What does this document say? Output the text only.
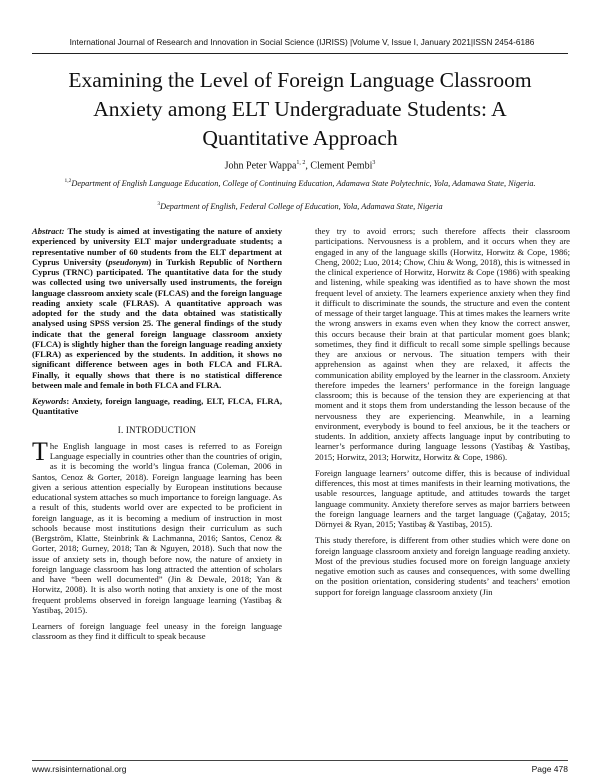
International Journal of Research and Innovation in Social Science (IJRISS) |Volume V, Issue I, January 2021|ISSN 2454-6186
Examining the Level of Foreign Language Classroom Anxiety among ELT Undergraduate Students: A Quantitative Approach
John Peter Wappa$^{1, 2}$, Clement Pembi$^3$
$^{1,2}$Department of English Language Education, College of Continuing Education, Adamawa State Polytechnic, Yola, Adamawa State, Nigeria.
$^3$Department of English, Federal College of Education, Yola, Adamawa State, Nigeria

Abstract: The study is aimed at investigating the nature of anxiety experienced by university ELT major undergraduate students; a representative number of 60 students from the ELT department at Cyprus University (pseudonym) in Turkish Republic of Northern Cyprus (TRNC) participated. The quantitative data for the study was collected using two universally used instruments, the foreign language classroom anxiety scale (FLCAS) and the foreign language reading anxiety scale (FLRAS). A quantitative approach was adopted for the study and the data obtained was statistically analysed using SPSS version 25. The general findings of the study indicate that the general foreign language classroom anxiety (FLCA) is slightly higher than the foreign language reading anxiety (FLRA) as experienced by the students. In addition, it shows no significant difference between ages in both FLCA and FLRA. Finally, it equally shows that there is no statistical difference between male and female in both FLCA and FLRA.

Keywords: Anxiety, foreign language, reading, ELT, FLCA, FLRA, Quantitative

I. INTRODUCTION

The English language in most cases is referred to as Foreign Language especially in countries other than the countries of origin, as it is becoming the world’s lingua franca (Coleman, 2006 in Santos, Cenoz & Gorter, 2018). Foreign language learning has been given a serious attention especially by European institutions because educational system attaches so much importance to foreign language. As a result of this, students world over are expected to be proficient in foreign language, as it is becoming a medium of instruction in most schools because most institutions design their curriculum as such (Bergström, Klatte, Steinbrink & Lachmanna, 2016; Santos, Cenoz & Gorter, 2018; Gurney, 2018; Tan & Nguyen, 2018). Such that now the issue of anxiety sets in, though before now, the nature of anxiety in foreign language classroom has long attracted the attention of scholars and have “been well documented” (Jin & Dewale, 2018; Yan & Horwitz, 2008). It is also worth noting that anxiety is one of the most frequent problems observed in foreign language learning (Yastibaş & Yastibaş, 2015).

Learners of foreign language feel uneasy in the foreign language classroom as they find it difficult to speak because

they try to avoid errors; such therefore affects their classroom participations. Nervousness is a problem, and it occurs when they are engaged in any of the language skills (Horwitz, Horwitz & Cope, 1986; Cheng, 2002; Luo, 2014; Chow, Chiu & Wong, 2018), this is witnessed in the clinical experience of Horwitz, Horwitz & Cope (1986) with speaking and listening, while speaking was identified as to have shown the most frequent level of anxiety. The learners experience anxiety when they find it difficult to discriminate the sounds, the structure and even the content of message of their target language. This at times makes the learners write the wrong answers in exams even when they know the correct answer, this occurs because their brain at that particular moment goes blank; sometimes, they find it difficult to recall some simple spellings because they are anxious or nervous. The situation tempers with their apprehension as against when they are relaxed, it affects the communication ability employed by the learner in the classroom. Anxiety therefore impedes the learners’ performance in the foreign language classroom; this is because of the tension they are experiencing at that moment and it stops them from understanding the lesson because of the nervousness they are experiencing. Meanwhile, in a learning environment, everybody is bound to feel anxious, be it the teachers or students. In addition, anxiety affects language input by contributing to learner’s performance during language lessons (Yastibaş & Yastibaş, 2015; Horwitz, 2013; Horwitz, Horwitz & Cope, 1986).

Foreign language learners’ outcome differ, this is because of individual differences, this most at times manifests in their learning motivations, the usable resources, language aptitude, and attitudes towards the target language community. Anxiety therefore serves as major barriers between the foreign language learners and the target language (Çağatay, 2015; Dörnyei & Ryan, 2015; Yastibaş & Yastibaş, 2015).

This study therefore, is different from other studies which were done on foreign language classroom anxiety and foreign language reading anxiety. Most of the previous studies focused more on foreign language anxiety negative emotion such as causes and consequences, with some dwelling on the position orientation, considering students’ and teachers’ emotion support for foreign language classroom anxiety (Jin

www.rsisinternational.org	Page 478
